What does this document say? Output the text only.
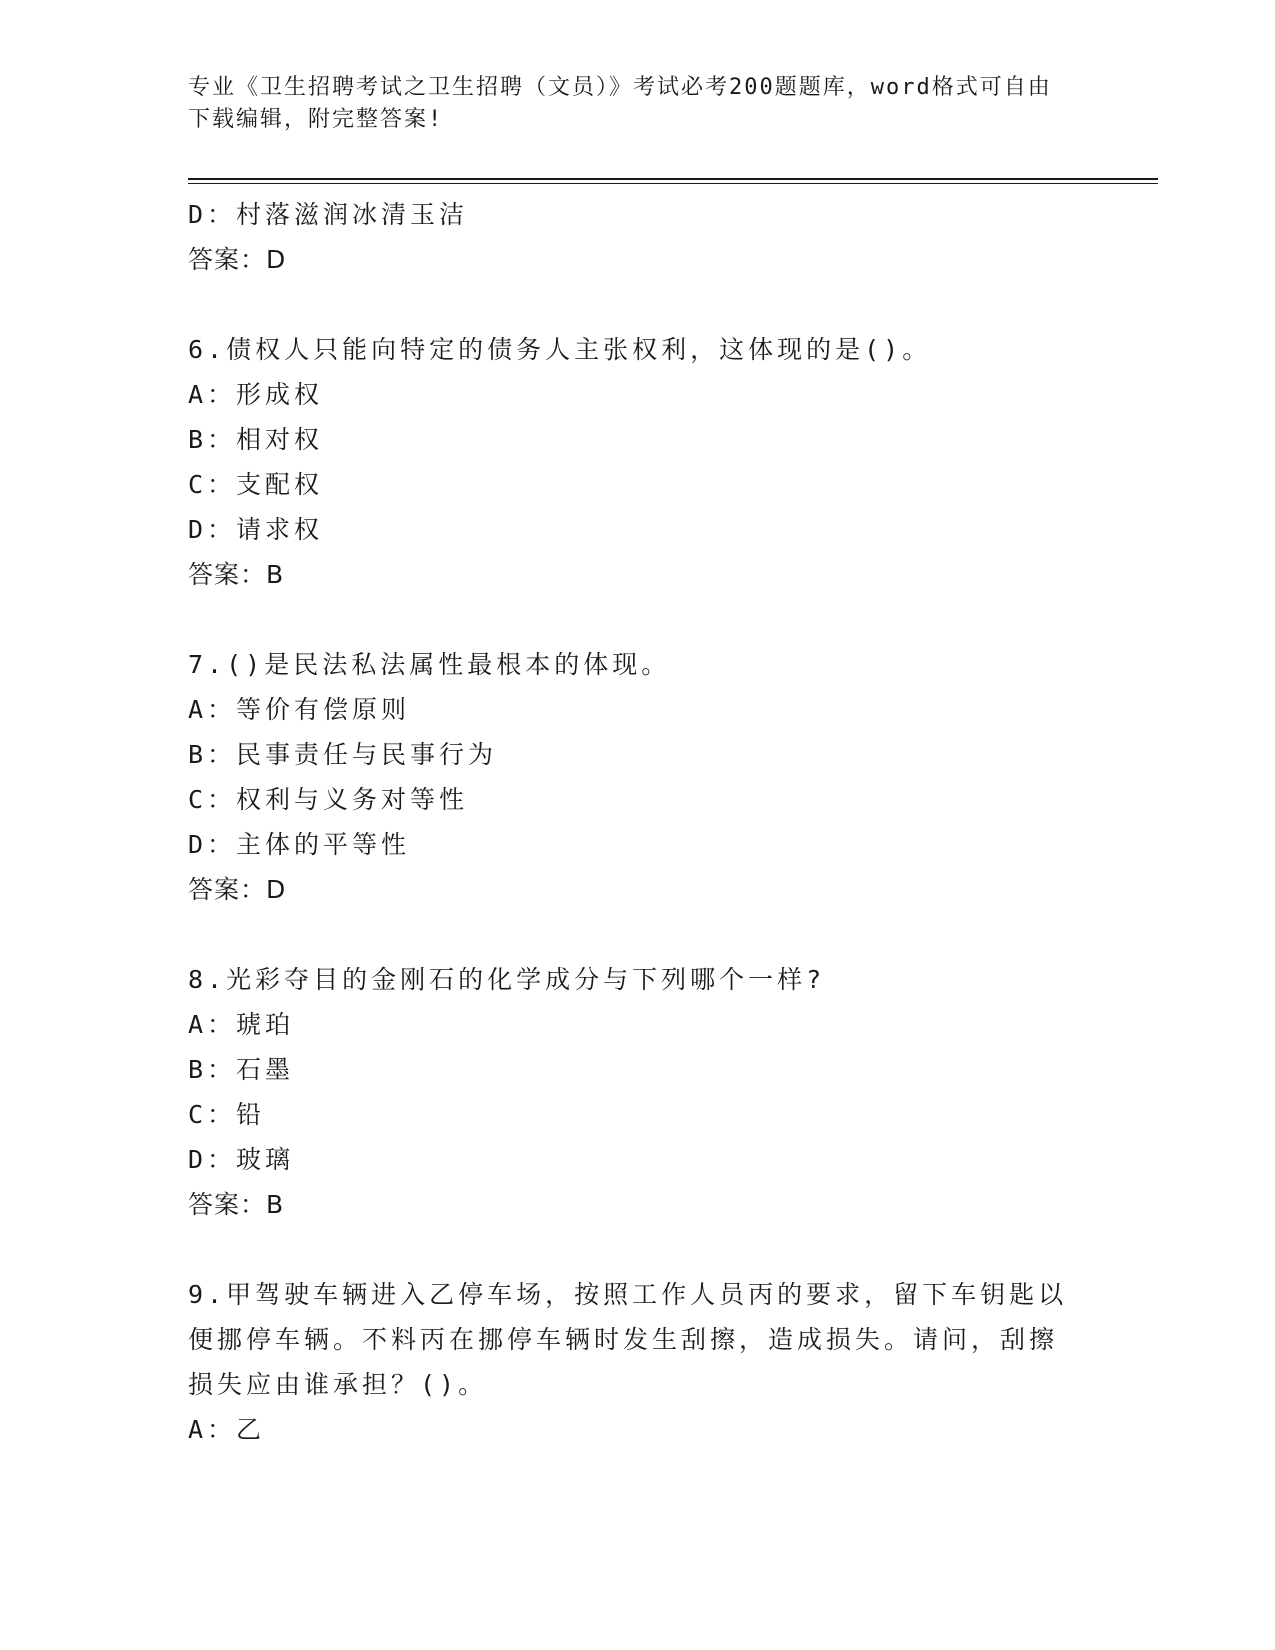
专业《卫生招聘考试之卫生招聘（文员）》考试必考200题题库，word格式可自由下载编辑，附完整答案!
D：村落滋润冰清玉洁
答案：D
6.债权人只能向特定的债务人主张权利，这体现的是()。
A：形成权
B：相对权
C：支配权
D：请求权
答案：B
7.()是民法私法属性最根本的体现。
A：等价有偿原则
B：民事责任与民事行为
C：权利与义务对等性
D：主体的平等性
答案：D
8.光彩夺目的金刚石的化学成分与下列哪个一样?
A：琥珀
B：石墨
C：铅
D：玻璃
答案：B
9.甲驾驶车辆进入乙停车场，按照工作人员丙的要求，留下车钥匙以便挪停车辆。不料丙在挪停车辆时发生刮擦，造成损失。请问，刮擦损失应由谁承担？()。
A：乙
